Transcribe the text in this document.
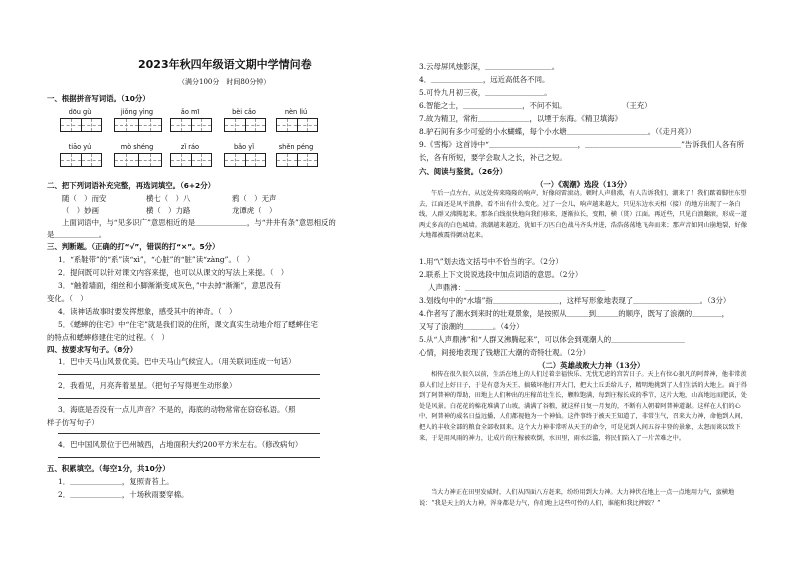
2023年秋四年级语文期中学情问卷
（满分100分　时间80分钟）
一、根据拼音写词语。（10分）
dōu gù	jiǒng yìng	ǎo mī	bèi cǎo	nèn liú
tiāo yú	mò shéng	zǐ ráo	bǎo yǐ	shěn péng
二、把下列词语补充完整，再选词填空。（6+2分）
随（　）而安	横七（　）八	鸦（　）无声
（　）妙画	横（　）力路	龙谭虎（　）
上面词语中，与“见多识广”意思相近的是＿＿＿＿＿＿＿，与“井井有条”意思相反的
是＿＿＿＿＿＿。
三、判断题。（正确的打“√”，错误的打“×”。5分）
1．“系鞋带”的“系”读“xì”，“心脏”的“脏”读“zàng”。（　）
2．提问既可以针对课文内容来提，也可以从课文的写法上来提。（　）
3．“触着墙面，细丝和小脚渐渐变成灰色，”中去掉“渐渐”，意思没有
变化。（　）
4．读神话故事时要发挥想象，感受其中的神奇。（　）
5．《蟋蟀的住宅》中“住宅”就是我们说的住所，课文真实生动地介绍了蟋蟀住宅
的特点和蟋蟀修建住宅的过程。（　）
四、按要求写句子。（8分）
1．巴中天马山风景优美。巴中天马山气候宜人。（用关联词连成一句话）
2．我看见，月亮奔着星星。（把句子写得更生动形象）
3．海底是否没有一点儿声音？不是的，海底的动物常常在窃窃私语。（照
样子仿写句子）
4．巴中国风景位于巴州城西，占地面积大约200平方米左右。（修改病句）
五、积累填空。（每空1分，共10分）
1．＿＿＿＿＿＿＿，复照青苔上。
2．＿＿＿＿＿＿＿，十场秋雨要穿棉。
3.云母屏风烛影深，＿＿＿＿＿＿＿＿＿。
4．＿＿＿＿＿＿＿，远近高低各不同。
5.可怜九月初三夜，＿＿＿＿＿＿＿＿。
6.智能之士，＿＿＿＿＿＿＿＿，不问不知。	（王充）
7.故为精卫，常衔＿＿＿＿＿＿＿，以堙于东海。《精卫填海》
8.驴石间有多少可爱的小水蝴蝶，每个小水塘＿＿＿＿＿＿＿＿＿＿＿。（《走月亮》）
9.《雪梅》这首诗中“＿＿＿＿＿＿＿＿＿＿＿＿，＿＿＿＿＿＿＿＿＿＿＿＿＿”告诉我们人各有所
长，各有所短，要学会取人之长，补己之短。
六、阅读与鉴赏。（26分）
（一）《观潮》选段（13分）
午后一点左右，从远处传来隆隆的响声，好像闷雷滚动。顿时人声鼎沸，有人告诉我们，潮来了！我们踮着脚往东望去，江面还是风平浪静，看不出有什么变化。过了一会儿，响声越来越大，只见东边水天相（接）的地方出现了一条白线，人群又沸腾起来。那条白线很快地向我们移来，逐渐拉长，变粗，横（贯）江面。再近些，只见白浪翻滚，形成一道两丈多高的白色城墙。浪潮越来越近，犹如千万匹白色战马齐头并进，浩浩荡荡地飞奔而来；那声音如同山崩地裂，好像大地都被震得颤动起来。
1.用“\”划去选文括号中不恰当的字。（2分）
2.联系上下文说说选段中加点词语的意思。（2分）
人声鼎沸：＿＿＿＿＿＿＿＿＿＿＿＿＿＿＿＿＿＿＿
3.划线句中的“水墙”指＿＿＿＿＿＿＿＿＿，这样写形象地表现了＿＿＿＿＿＿＿＿＿。（3分）
4.作者写了潮水到来时的壮观景象，是按照从＿＿＿到＿＿＿的顺序，既写了浪潮的＿＿＿＿，
又写了浪潮的＿＿＿＿。（4分）
5.从“人声鼎沸”和“人群又沸腾起来”，可以体会到观潮人的＿＿＿＿＿＿＿＿＿＿
心情，间接地表现了钱塘江大潮的奇特壮观。（2分）
（二）英雄战败大力神（13分）
相传在很久很久以前，生活在地上的人们过着幸福快乐、无忧无虑的宫苦日子。天上有位心狠凡的阿普神，他非常羡慕人们过上好日子，于是有意为天王、搞破坏他打开大门，把大土丘丢给儿子，精明地挑到了人们生活的大地上。面于得到了阿普神的帮助，田地上人们种出的庄稼茁壮生长，颗粒饱满，每到庄稼长成的季节，这片大地，山高地远而肥沃，处处是风景。白花花的棉花堆满了山坡，满满了谷粮，就这样日复一月复的，不断有人朝着阿普神道谢。这样在人们的心中，阿普神的威名日益远播，人们都视他为一个神仙。这件事终于被天王知道了，非常生气，召来大力神，命他到人间，把人的丰收全部的粮食全部收回来。这个大力神非常听从天王的命令，可是见到人间五谷丰登的景象，太怒而谈以致下来，于是用风雨的神力，让成片的庄稼被吹倒，水田里，雨水泛滥，将民们陷入了一片苦难之中。
当大力神正在田里发威时，人们从四面八方赶来，纷纷用到大力神。大力神伏在地上一点一点地用力气，蛮横地说：“我是天上的大力神，浑身都是力气，你们地上这些可怜的人们，谁能和我比摔跤？”
